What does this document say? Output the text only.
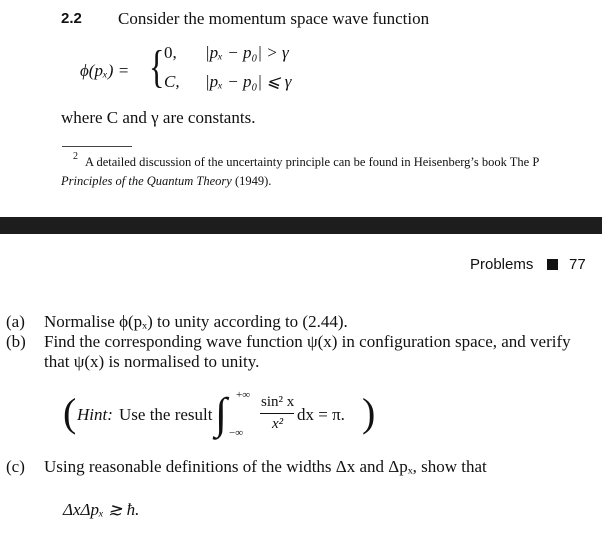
2.2 Consider the momentum space wave function
ϕ(pₓ) = { 0, |pₓ − p₀| > γ
C, |pₓ − p₀| ⩽ γ
where C and γ are constants.
2 A detailed discussion of the uncertainty principle can be found in Heisenberg’s book The P
Principles of the Quantum Theory (1949).
Problems 77
(a) Normalise ϕ(pₓ) to unity according to (2.44).
(b) Find the corresponding wave function ψ(x) in configuration space, and verify
that ψ(x) is normalised to unity.
( Hint: Use the result ∫ +∞
−∞
sin² x
x² dx = π. )
(c) Using reasonable definitions of the widths Δx and Δpₓ, show that
ΔxΔpₓ ≳ ħ.
